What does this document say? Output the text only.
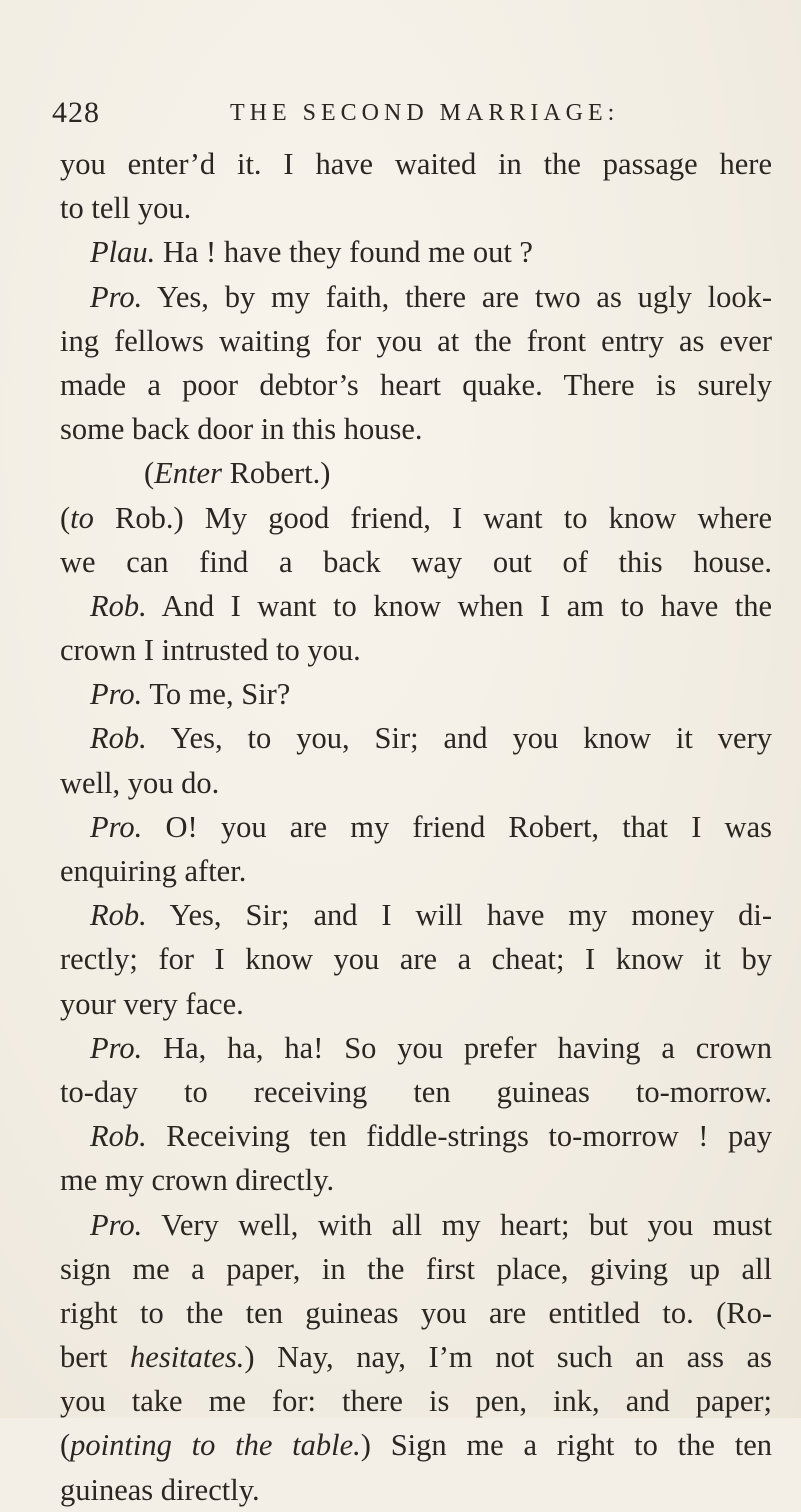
428	THE SECOND MARRIAGE:
you enter’d it. I have waited in the passage here
to tell you.
Plau. Ha ! have they found me out ?
Pro. Yes, by my faith, there are two as ugly look-
ing fellows waiting for you at the front entry as ever
made a poor debtor’s heart quake. There is surely
some back door in this house.
(Enter Robert.)
(to Rob.) My good friend, I want to know where
we can find a back way out of this house.
Rob. And I want to know when I am to have the
crown I intrusted to you.
Pro. To me, Sir?
Rob. Yes, to you, Sir; and you know it very
well, you do.
Pro. O! you are my friend Robert, that I was
enquiring after.
Rob. Yes, Sir; and I will have my money di-
rectly; for I know you are a cheat; I know it by
your very face.
Pro. Ha, ha, ha! So you prefer having a crown
to-day to receiving ten guineas to-morrow.
Rob. Receiving ten fiddle-strings to-morrow ! pay
me my crown directly.
Pro. Very well, with all my heart; but you must
sign me a paper, in the first place, giving up all
right to the ten guineas you are entitled to. (Ro-
bert hesitates.) Nay, nay, I’m not such an ass as
you take me for: there is pen, ink, and paper;
(pointing to the table.) Sign me a right to the ten
guineas directly.
